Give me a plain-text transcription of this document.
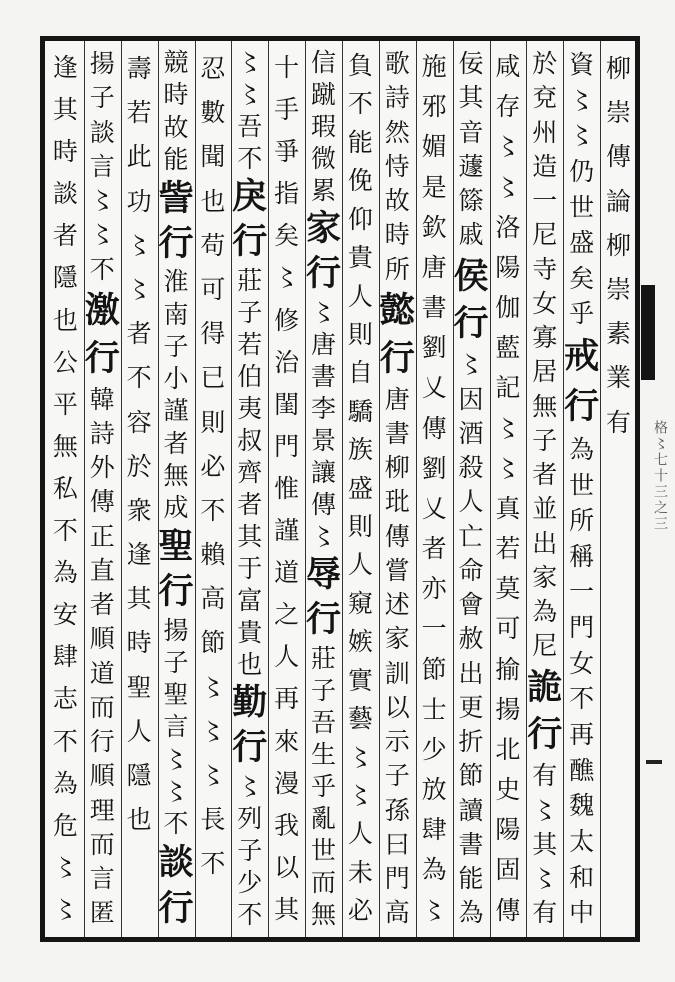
柳
崇
傳
論
柳
崇
素
業
有
資
〻
〻
仍
世
盛
矣
乎
戒
行
為
世
所
稱
一
門
女
不
再
醮
魏
太
和
中
於
兗
州
造
一
尼
寺
女
寡
居
無
子
者
並
出
家
為
尼
詭
行
有
〻
其
〻
有
咸
存
〻
〻
洛
陽
伽
藍
記
〻
〻
真
若
莫
可
揄
揚
北
史
陽
固
傳
佞
其
音
蘧
篨
戚
侯
行
〻
因
酒
殺
人
亡
命
會
赦
出
更
折
節
讀
書
能
為
施
邪
媚
是
欽
唐
書
劉
乂
傳
劉
乂
者
亦
一
節
士
少
放
肆
為
〻
歌
詩
然
恃
故
時
所
懿
行
唐
書
柳
玭
傳
嘗
述
家
訓
以
示
子
孫
曰
門
高
負
不
能
俛
仰
貴
人
則
自
驕
族
盛
則
人
窺
嫉
實
藝
〻
〻
人
未
必
信
蹴
瑕
微
累
家
行
〻
唐
書
李
景
讓
傳
〻
辱
行
莊
子
吾
生
乎
亂
世
而
無
十
手
爭
指
矣
〻
修
治
閨
門
惟
謹
道
之
人
再
來
漫
我
以
其
〻
〻
吾
不
戾
行
莊
子
若
伯
夷
叔
齊
者
其
于
富
貴
也
勤
行
〻
列
子
少
不
忍
數
聞
也
苟
可
得
已
則
必
不
賴
高
節
〻
〻
〻
長
不
競
時
故
能
訾
行
淮
南
子
小
謹
者
無
成
聖
行
揚
子
聖
言
〻
〻
不
談
行
壽
若
此
功
〻
〻
者
不
容
於
衆
逢
其
時
聖
人
隱
也
揚
子
談
言
〻
〻
不
激
行
韓
詩
外
傳
正
直
者
順
道
而
行
順
理
而
言
匿
逢
其
時
談
者
隱
也
公
平
無
私
不
為
安
肆
志
不
為
危
〻
〻
格〻七十三之三
